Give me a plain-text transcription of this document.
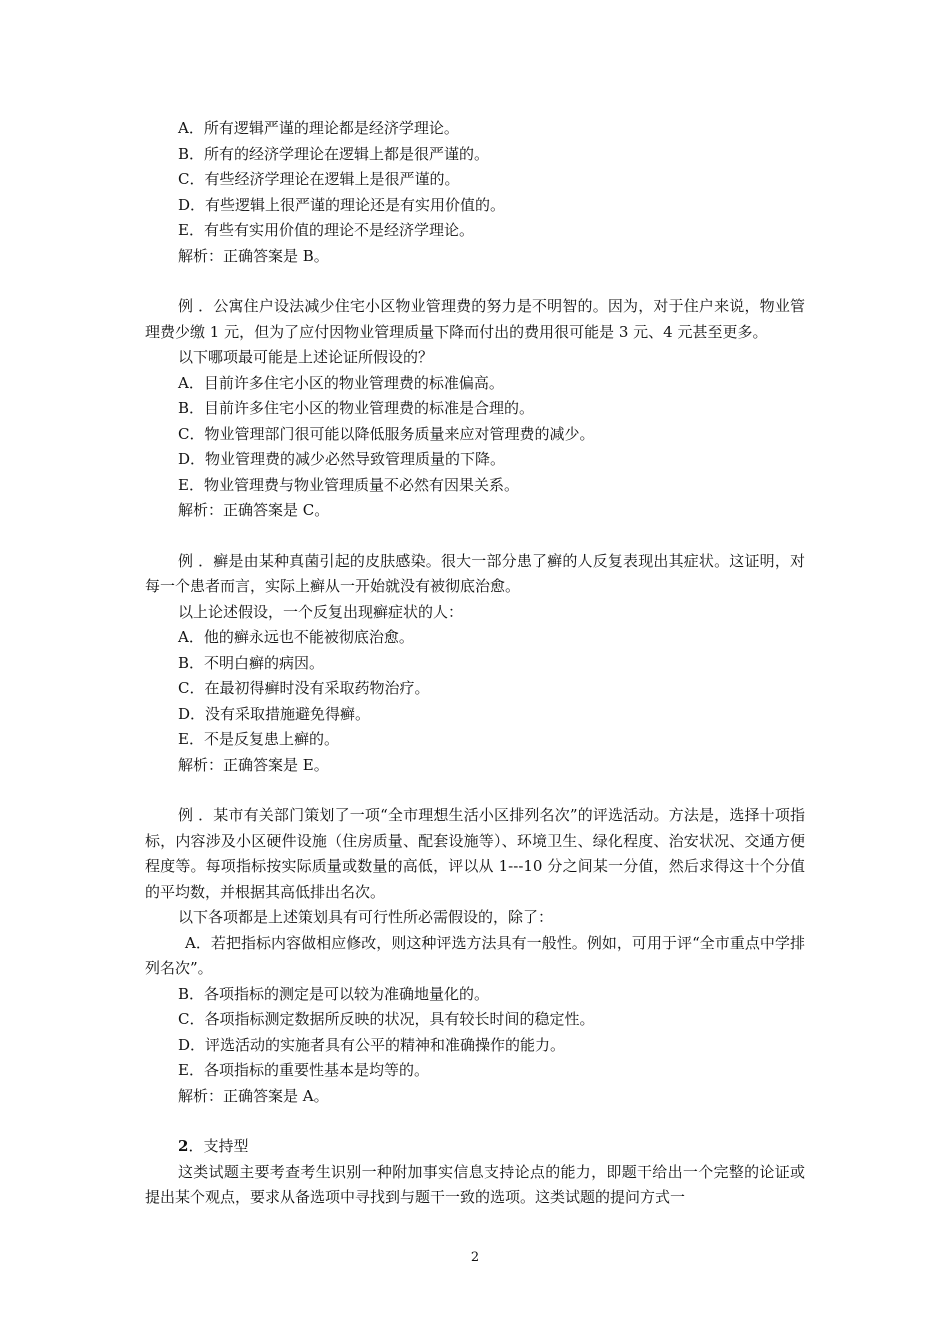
A．所有逻辑严谨的理论都是经济学理论。

B．所有的经济学理论在逻辑上都是很严谨的。

C．有些经济学理论在逻辑上是很严谨的。

D．有些逻辑上很严谨的理论还是有实用价值的。

E．有些有实用价值的理论不是经济学理论。

解析：正确答案是 B。

例 ．公寓住户设法减少住宅小区物业管理费的努力是不明智的。因为，对于住户来说，物业管理费少缴 1 元，但为了应付因物业管理质量下降而付出的费用很可能是 3 元、4 元甚至更多。

以下哪项最可能是上述论证所假设的？

A．目前许多住宅小区的物业管理费的标准偏高。

B．目前许多住宅小区的物业管理费的标准是合理的。

C．物业管理部门很可能以降低服务质量来应对管理费的减少。

D．物业管理费的减少必然导致管理质量的下降。

E．物业管理费与物业管理质量不必然有因果关系。

解析：正确答案是 C。

例 ．癣是由某种真菌引起的皮肤感染。很大一部分患了癣的人反复表现出其症状。这证明，对每一个患者而言，实际上癣从一开始就没有被彻底治愈。

以上论述假设，一个反复出现癣症状的人：

A．他的癣永远也不能被彻底治愈。

B．不明白癣的病因。

C．在最初得癣时没有采取药物治疗。

D．没有采取措施避免得癣。

E．不是反复患上癣的。

解析：正确答案是 E。

例 ．某市有关部门策划了一项“全市理想生活小区排列名次”的评选活动。方法是，选择十项指标，内容涉及小区硬件设施（住房质量、配套设施等）、环境卫生、绿化程度、治安状况、交通方便程度等。每项指标按实际质量或数量的高低，评以从 1---10 分之间某一分值，然后求得这十个分值的平均数，并根据其高低排出名次。

以下各项都是上述策划具有可行性所必需假设的，除了：

A．若把指标内容做相应修改，则这种评选方法具有一般性。例如，可用于评“全市重点中学排列名次”。

B．各项指标的测定是可以较为准确地量化的。

C．各项指标测定数据所反映的状况，具有较长时间的稳定性。

D．评选活动的实施者具有公平的精神和准确操作的能力。

E．各项指标的重要性基本是均等的。

解析：正确答案是 A。

2．支持型

这类试题主要考查考生识别一种附加事实信息支持论点的能力，即题干给出一个完整的论证或提出某个观点，要求从备选项中寻找到与题干一致的选项。这类试题的提问方式一

2
